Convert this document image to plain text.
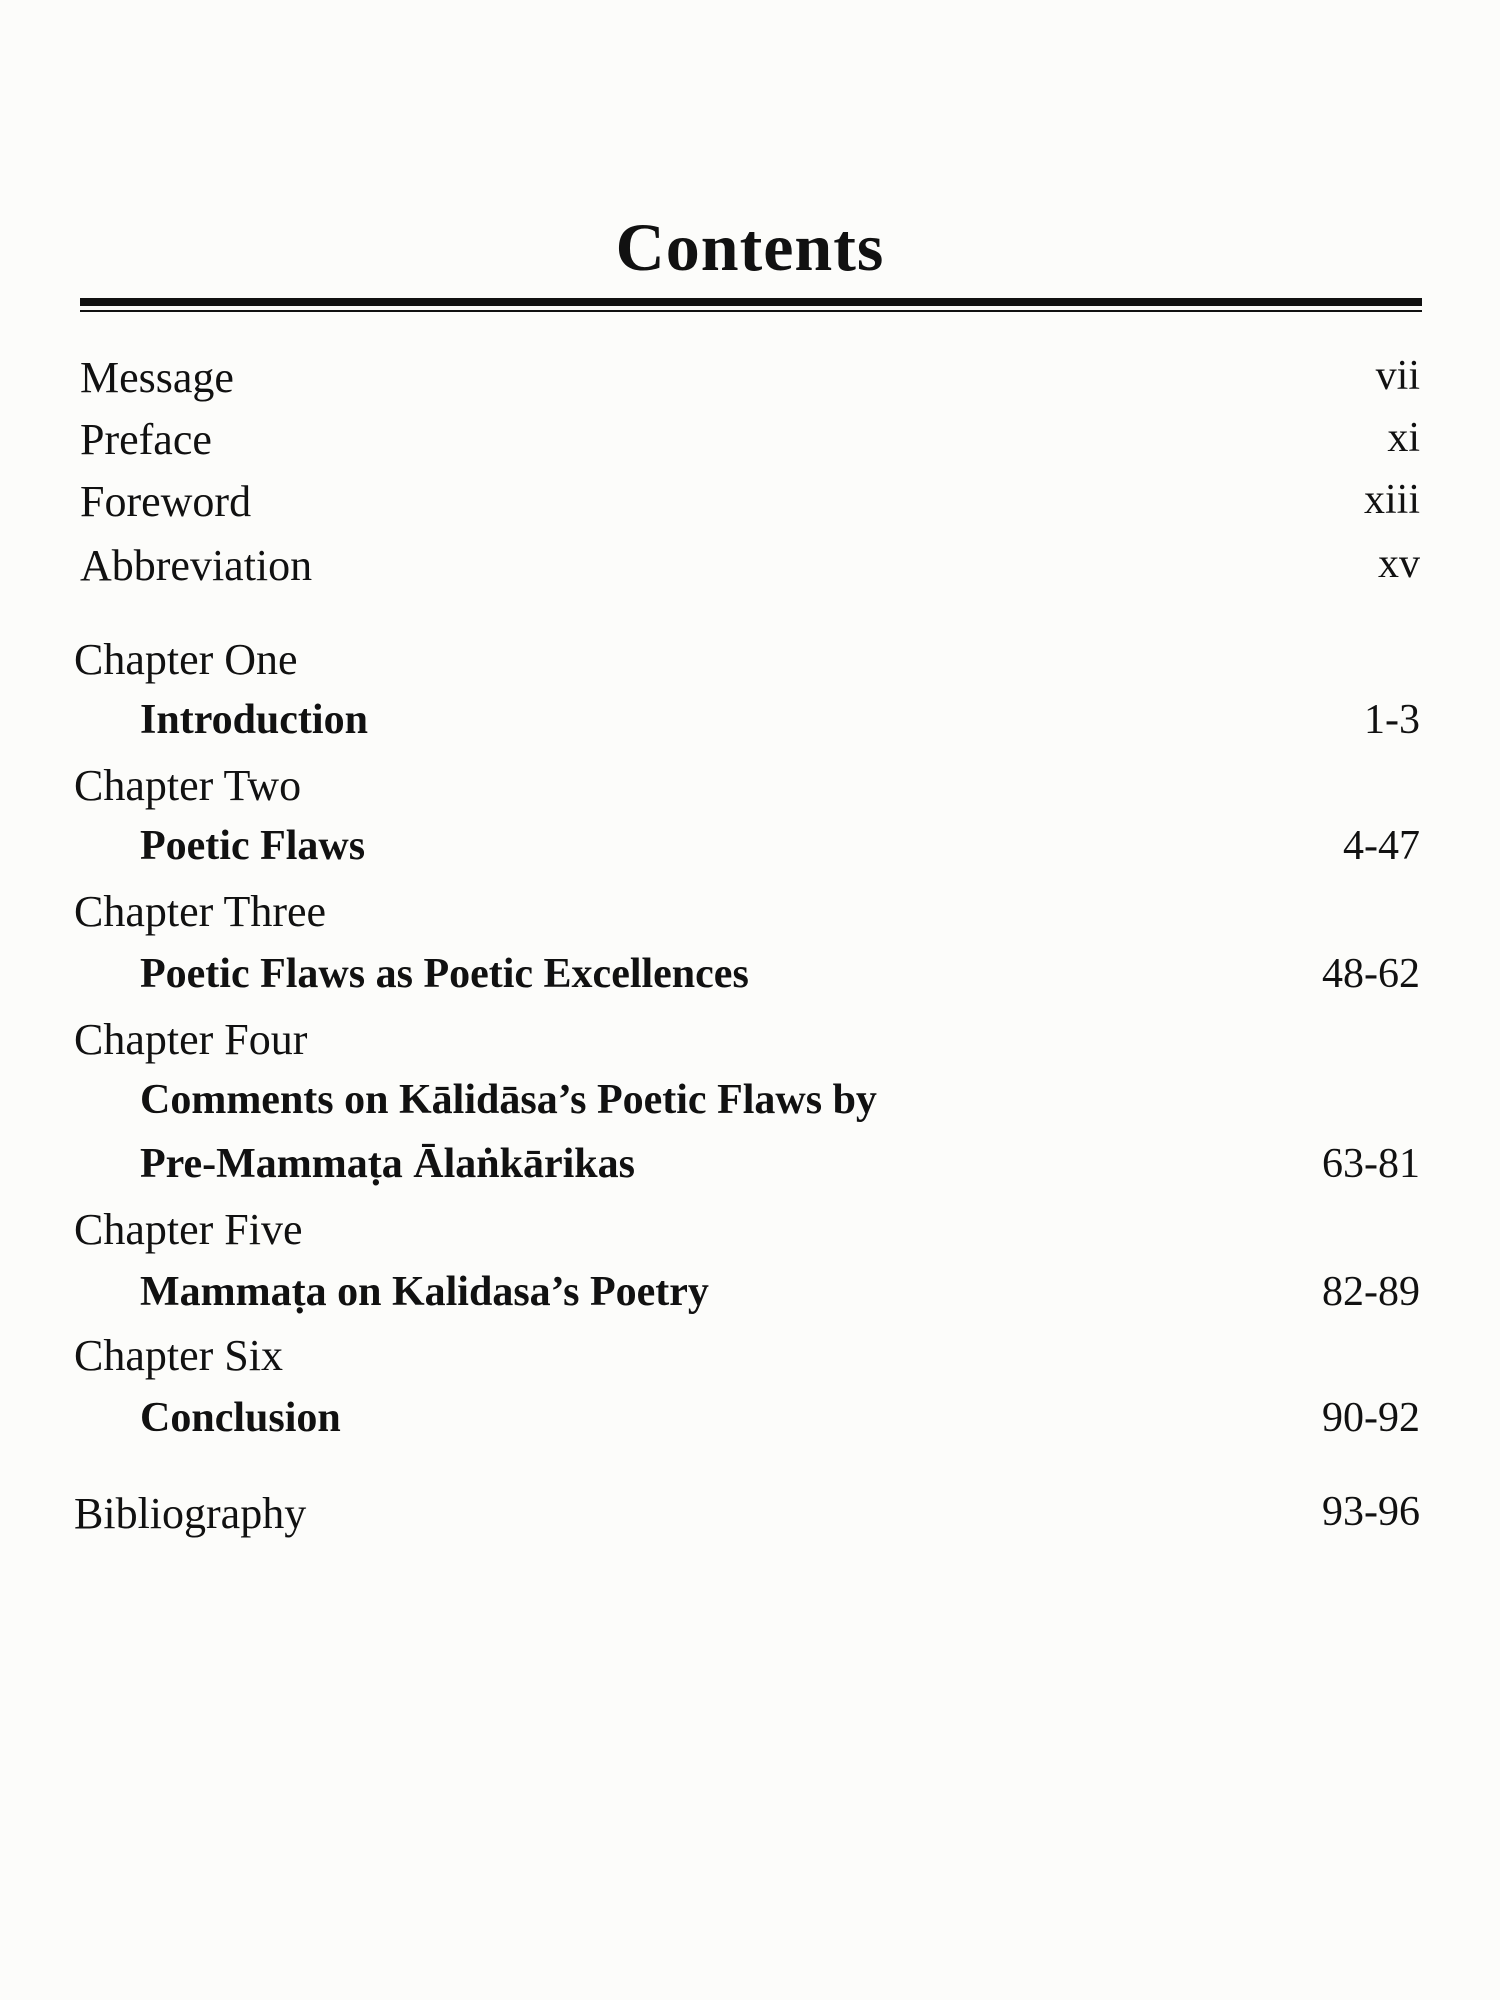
Contents
Message	vii
Preface	xi
Foreword	xiii
Abbreviation	xv
Chapter One
Introduction	1-3
Chapter Two
Poetic Flaws	4-47
Chapter Three
Poetic Flaws as Poetic Excellences	48-62
Chapter Four
Comments on Kālidāsa’s Poetic Flaws by
Pre-Mammaṭa Ālaṅkārikas	63-81
Chapter Five
Mammaṭa on Kalidasa’s Poetry	82-89
Chapter Six
Conclusion	90-92
Bibliography	93-96
